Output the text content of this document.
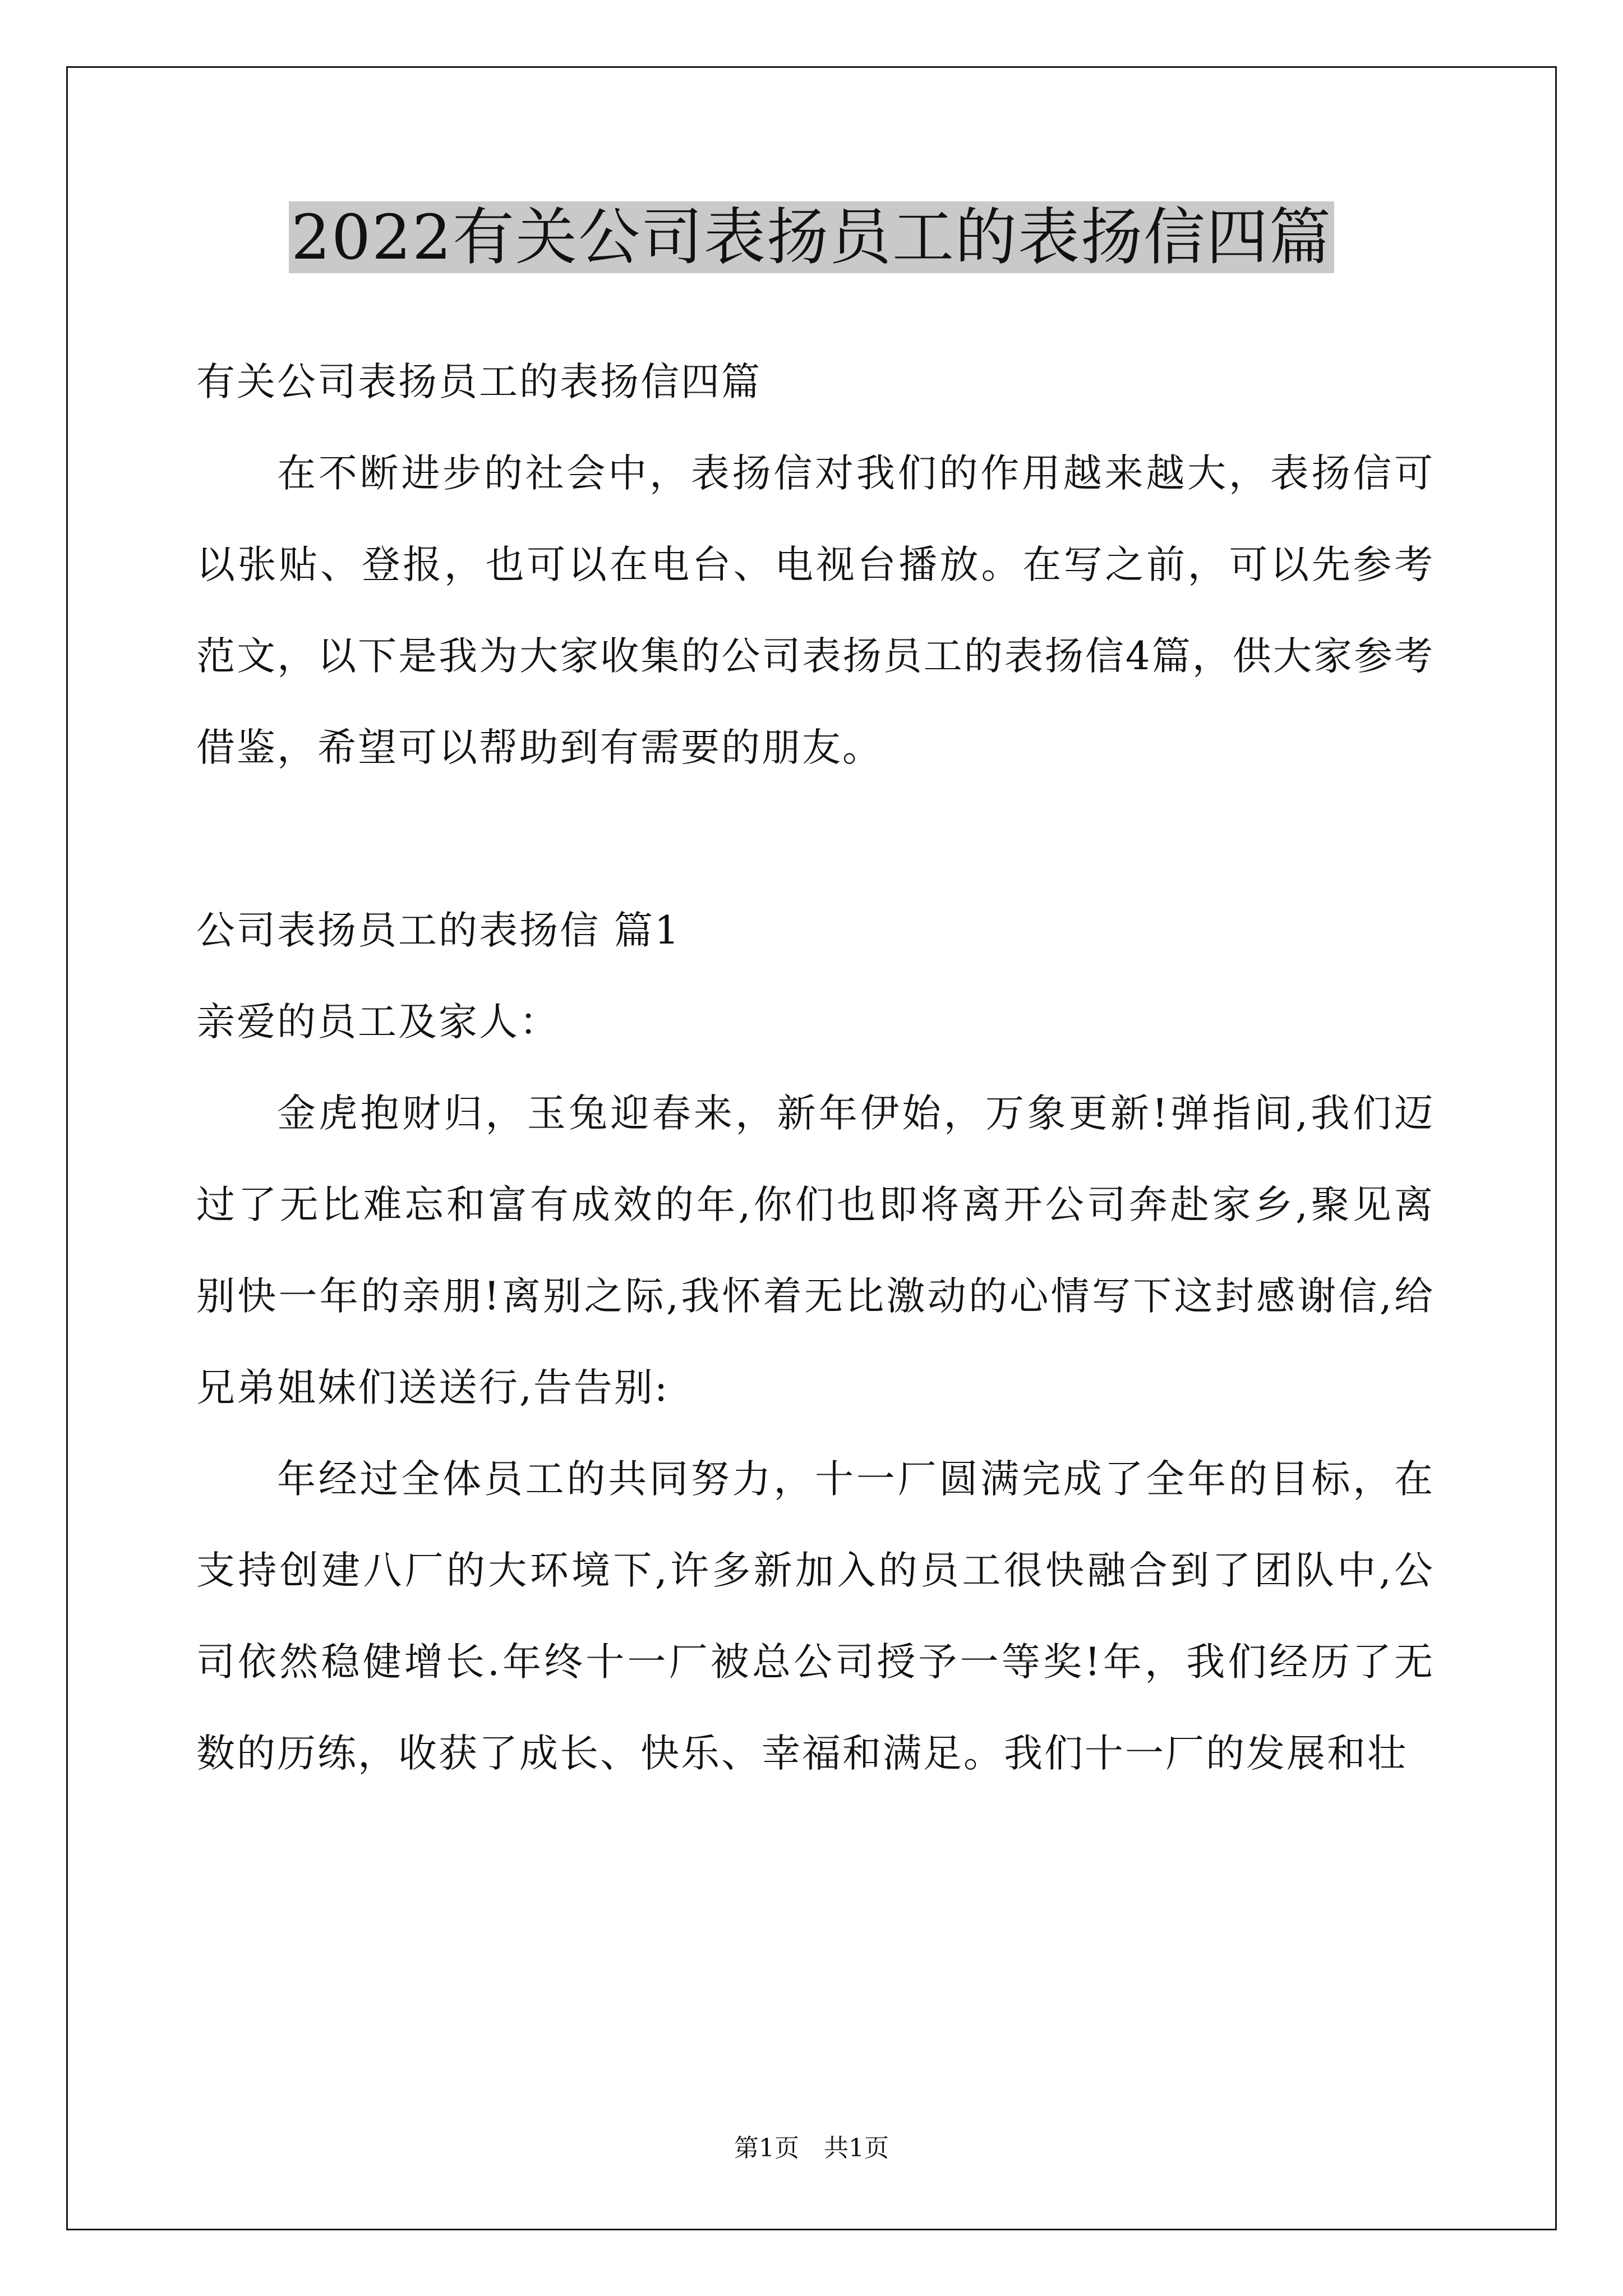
2022有关公司表扬员工的表扬信四篇

有关公司表扬员工的表扬信四篇

在不断进步的社会中，表扬信对我们的作用越来越大，表扬信可以张贴、登报，也可以在电台、电视台播放。在写之前，可以先参考范文，以下是我为大家收集的公司表扬员工的表扬信4篇，供大家参考借鉴，希望可以帮助到有需要的朋友。

公司表扬员工的表扬信 篇1

亲爱的员工及家人：

金虎抱财归，玉兔迎春来，新年伊始，万象更新!弹指间,我们迈过了无比难忘和富有成效的年,你们也即将离开公司奔赴家乡,聚见离别快一年的亲朋!离别之际,我怀着无比激动的心情写下这封感谢信,给兄弟姐妹们送送行,告告别:

年经过全体员工的共同努力，十一厂圆满完成了全年的目标，在支持创建八厂的大环境下,许多新加入的员工很快融合到了团队中,公司依然稳健增长.年终十一厂被总公司授予一等奖!年，我们经历了无数的历练，收获了成长、快乐、幸福和满足。我们十一厂的发展和壮

第1页　共1页
